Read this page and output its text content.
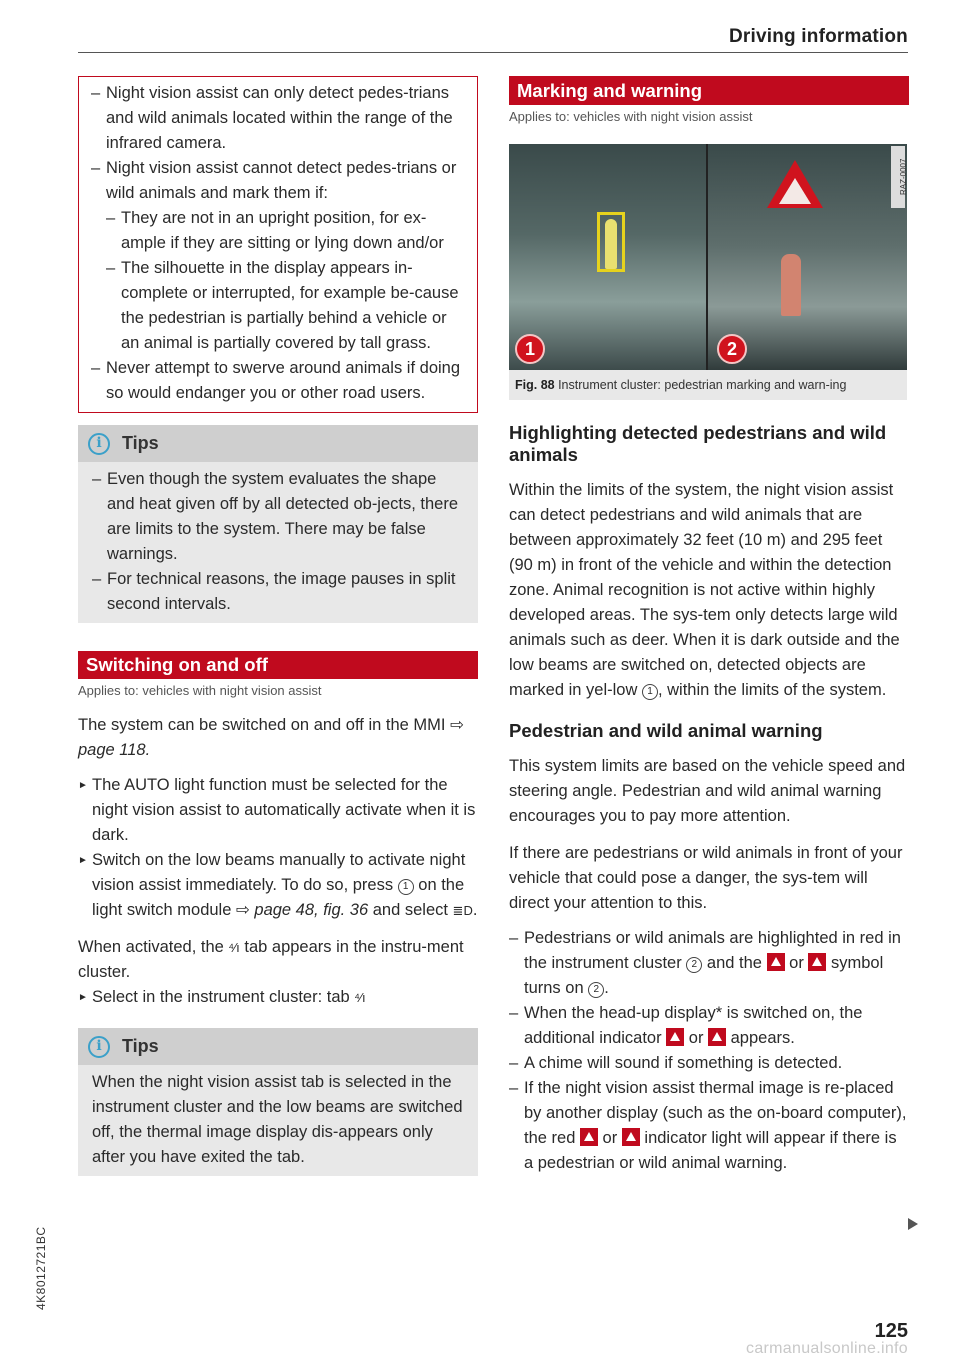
Driving information
– Night vision assist can only detect pedes-trians and wild animals located within the range of the infrared camera.
– Night vision assist cannot detect pedes-trians or wild animals and mark them if:
– They are not in an upright position, for ex-ample if they are sitting or lying down and/or
– The silhouette in the display appears in-complete or interrupted, for example be-cause the pedestrian is partially behind a vehicle or an animal is partially covered by tall grass.
– Never attempt to swerve around animals if doing so would endanger you or other road users.
i	Tips
– Even though the system evaluates the shape and heat given off by all detected ob-jects, there are limits to the system. There may be false warnings.
– For technical reasons, the image pauses in split second intervals.
Switching on and off
Applies to: vehicles with night vision assist
The system can be switched on and off in the MMI ⇨ page 118.
► The AUTO light function must be selected for the night vision assist to automatically activate when it is dark.
► Switch on the low beams manually to activate night vision assist immediately. To do so, press 1 on the light switch module ⇨ page 48, fig. 36 and select ≣D.
When activated, the ⁴⁄ı tab appears in the instru-ment cluster.
► Select in the instrument cluster: tab ⁴⁄ı
i	Tips
When the night vision assist tab is selected in the instrument cluster and the low beams are switched off, the thermal image display dis-appears only after you have exited the tab.
Marking and warning
Applies to: vehicles with night vision assist
1	2
RAZ-0007
Fig. 88 Instrument cluster: pedestrian marking and warn-ing
Highlighting detected pedestrians and wild animals
Within the limits of the system, the night vision assist can detect pedestrians and wild animals that are between approximately 32 feet (10 m) and 295 feet (90 m) in front of the vehicle and within the detection zone. Animal recognition is not active within highly developed areas. The sys-tem only detects large wild animals such as deer. When it is dark outside and the low beams are switched on, detected objects are marked in yel-low 1 , within the limits of the system.
Pedestrian and wild animal warning
This system limits are based on the vehicle speed and steering angle. Pedestrian and wild animal warning encourages you to pay more attention.
If there are pedestrians or wild animals in front of your vehicle that could pose a danger, the sys-tem will direct your attention to this.
– Pedestrians or wild animals are highlighted in red in the instrument cluster 2 and the  or  symbol turns on 2 .
– When the head-up display* is switched on, the additional indicator  or  appears.
– A chime will sound if something is detected.
– If the night vision assist thermal image is re-placed by another display (such as the on-board computer), the red  or  indicator light will appear if there is a pedestrian or wild animal warning.
4K8012721BC
125
carmanualsonline.info
